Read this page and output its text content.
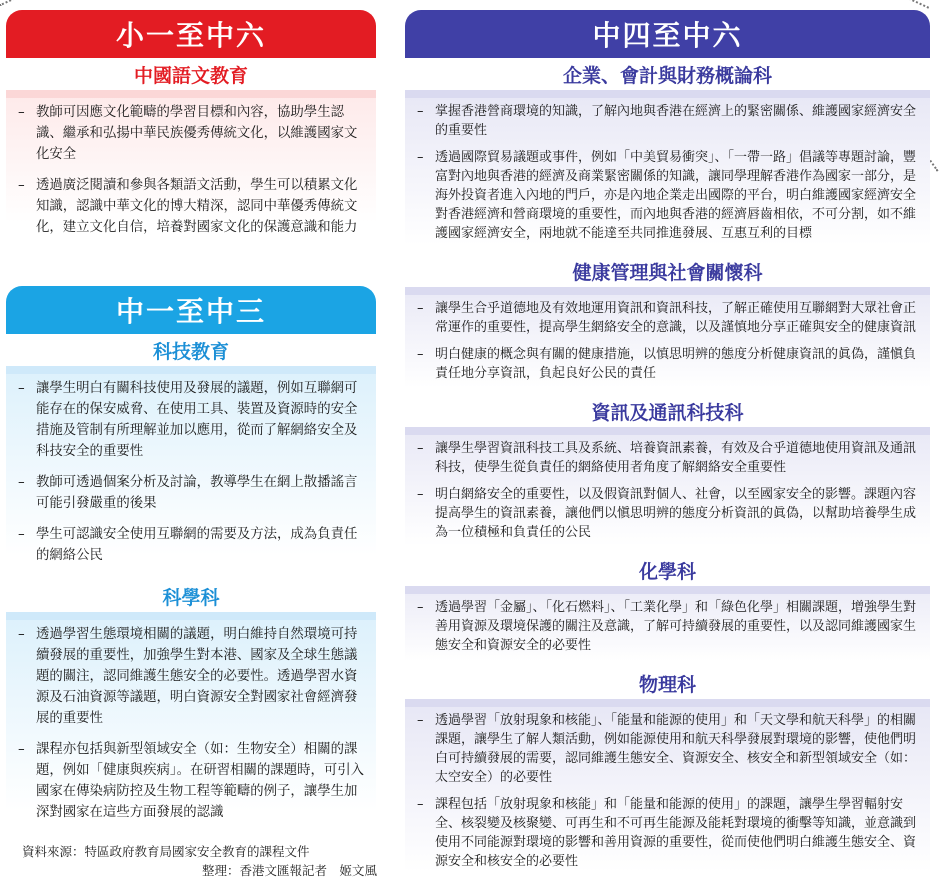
小一至中六
中國語文教育
– 教師可因應文化範疇的學習目標和內容，協助學生認識、繼承和弘揚中華民族優秀傳統文化，以維護國家文化安全
– 透過廣泛閱讀和參與各類語文活動，學生可以積累文化知識，認識中華文化的博大精深，認同中華優秀傳統文化，建立文化自信，培養對國家文化的保護意識和能力
中一至中三
科技教育
– 讓學生明白有關科技使用及發展的議題，例如互聯網可能存在的保安威脅、在使用工具、裝置及資源時的安全措施及管制有所理解並加以應用，從而了解網絡安全及科技安全的重要性
– 教師可透過個案分析及討論，教導學生在網上散播謠言可能引發嚴重的後果
– 學生可認識安全使用互聯網的需要及方法，成為負責任的網絡公民
科學科
– 透過學習生態環境相關的議題，明白維持自然環境可持續發展的重要性，加強學生對本港、國家及全球生態議題的關注，認同維護生態安全的必要性。透過學習水資源及石油資源等議題，明白資源安全對國家社會經濟發展的重要性
– 課程亦包括與新型領域安全（如：生物安全）相關的課題，例如「健康與疾病」。在研習相關的課題時，可引入國家在傳染病防控及生物工程等範疇的例子，讓學生加深對國家在這些方面發展的認識
資料來源：特區政府教育局國家安全教育的課程文件
整理：香港文匯報記者　姬文風
中四至中六
企業、會計與財務概論科
– 掌握香港營商環境的知識，了解內地與香港在經濟上的緊密關係、維護國家經濟安全的重要性
– 透過國際貿易議題或事件，例如「中美貿易衝突」、「一帶一路」倡議等專題討論，豐富對內地與香港的經濟及商業緊密關係的知識，讓同學理解香港作為國家一部分，是海外投資者進入內地的門戶，亦是內地企業走出國際的平台，明白維護國家經濟安全對香港經濟和營商環境的重要性，而內地與香港的經濟唇齒相依，不可分割，如不維護國家經濟安全，兩地就不能達至共同推進發展、互惠互利的目標
健康管理與社會關懷科
– 讓學生合乎道德地及有效地運用資訊和資訊科技，了解正確使用互聯網對大眾社會正常運作的重要性，提高學生網絡安全的意識，以及謹慎地分享正確與安全的健康資訊
– 明白健康的概念與有關的健康措施，以慎思明辨的態度分析健康資訊的眞偽，謹愼負責任地分享資訊，負起良好公民的責任
資訊及通訊科技科
– 讓學生學習資訊科技工具及系統、培養資訊素養，有效及合乎道德地使用資訊及通訊科技，使學生從負責任的網絡使用者角度了解網絡安全重要性
– 明白網絡安全的重要性，以及假資訊對個人、社會，以至國家安全的影響。課題內容提高學生的資訊素養，讓他們以愼思明辨的態度分析資訊的眞偽，以幫助培養學生成為一位積極和負責任的公民
化學科
– 透過學習「金屬」、「化石燃料」、「工業化學」和「綠色化學」相關課題，增強學生對善用資源及環境保護的關注及意識，了解可持續發展的重要性，以及認同維護國家生態安全和資源安全的必要性
物理科
– 透過學習「放射現象和核能」、「能量和能源的使用」和「天文學和航天科學」的相關課題，讓學生了解人類活動，例如能源使用和航天科學發展對環境的影響，使他們明白可持續發展的需要，認同維護生態安全、資源安全、核安全和新型領域安全（如：太空安全）的必要性
– 課程包括「放射現象和核能」和「能量和能源的使用」的課題，讓學生學習輻射安全、核裂變及核聚變、可再生和不可再生能源及能耗對環境的衝擊等知識，並意識到使用不同能源對環境的影響和善用資源的重要性，從而使他們明白維護生態安全、資源安全和核安全的必要性
